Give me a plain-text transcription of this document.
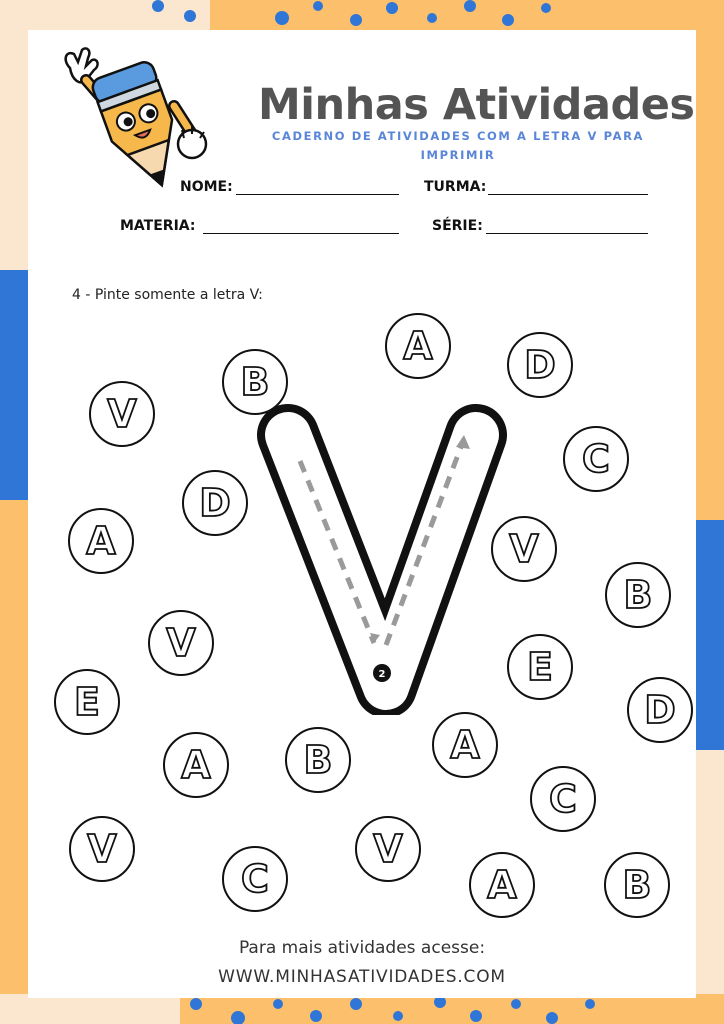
Minhas Atividades
CADERNO DE ATIVIDADES COM A LETRA V PARA IMPRIMIR
NOME:	TURMA:
MATERIA:	SÉRIE:
4 - Pinte somente a letra V:
2
A	D
B
V
C
D
A	V
B
V
E
E	D
A
B
A
C
V	V
C	A	B
Para mais atividades acesse:
WWW.MINHASATIVIDADES.COM
